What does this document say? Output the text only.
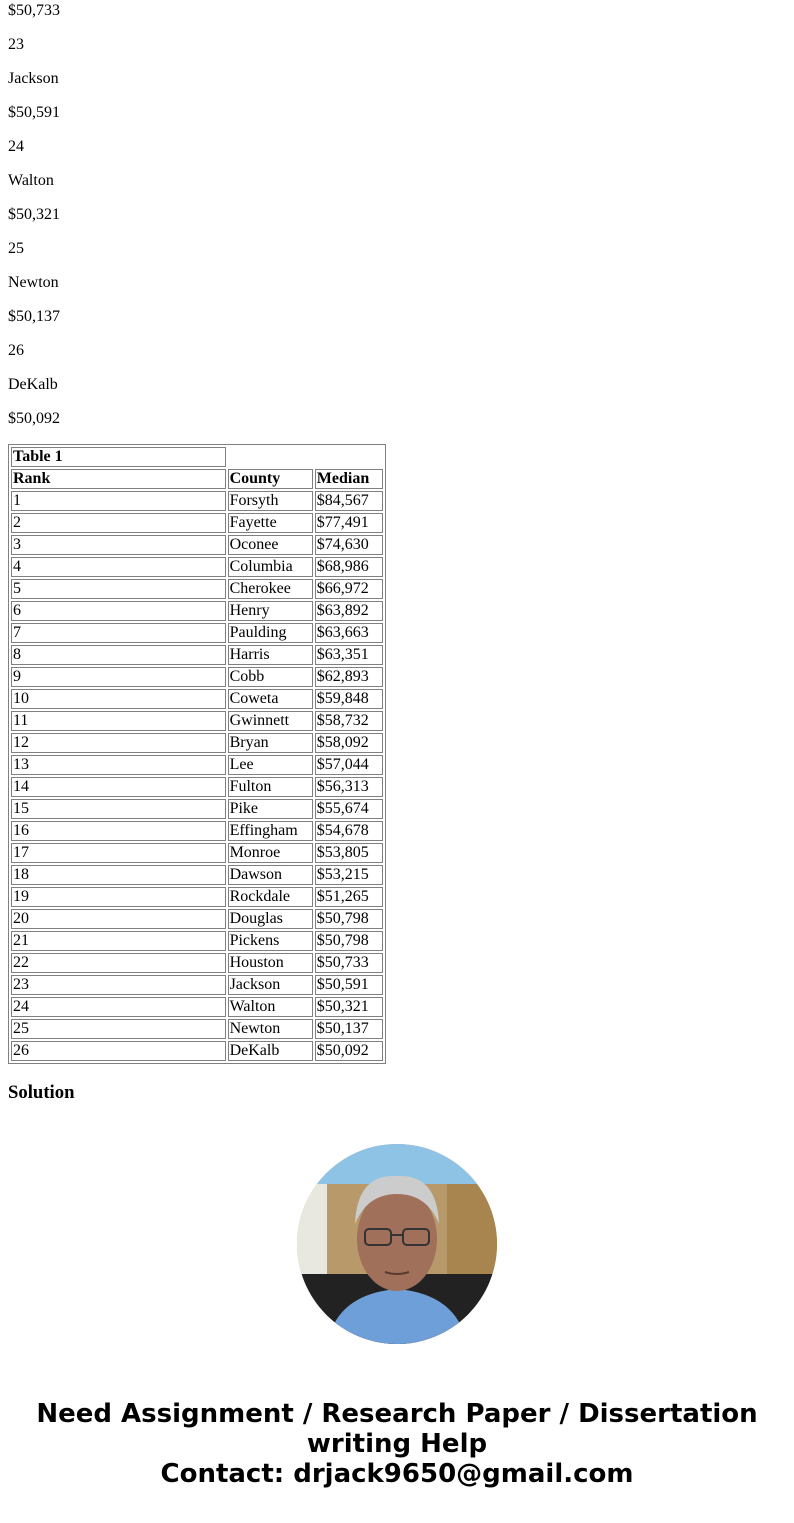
$50,733

23

Jackson

$50,591

24

Walton

$50,321

25

Newton

$50,137

26

DeKalb

$50,092

Table 1		
Rank	County	Median
1	Forsyth	$84,567
2	Fayette	$77,491
3	Oconee	$74,630
4	Columbia	$68,986
5	Cherokee	$66,972
6	Henry	$63,892
7	Paulding	$63,663
8	Harris	$63,351
9	Cobb	$62,893
10	Coweta	$59,848
11	Gwinnett	$58,732
12	Bryan	$58,092
13	Lee	$57,044
14	Fulton	$56,313
15	Pike	$55,674
16	Effingham	$54,678
17	Monroe	$53,805
18	Dawson	$53,215
19	Rockdale	$51,265
20	Douglas	$50,798
21	Pickens	$50,798
22	Houston	$50,733
23	Jackson	$50,591
24	Walton	$50,321
25	Newton	$50,137
26	DeKalb	$50,092
Solution
Need Assignment / Research Paper / Dissertation writing Help
Contact: drjack9650@gmail.com
